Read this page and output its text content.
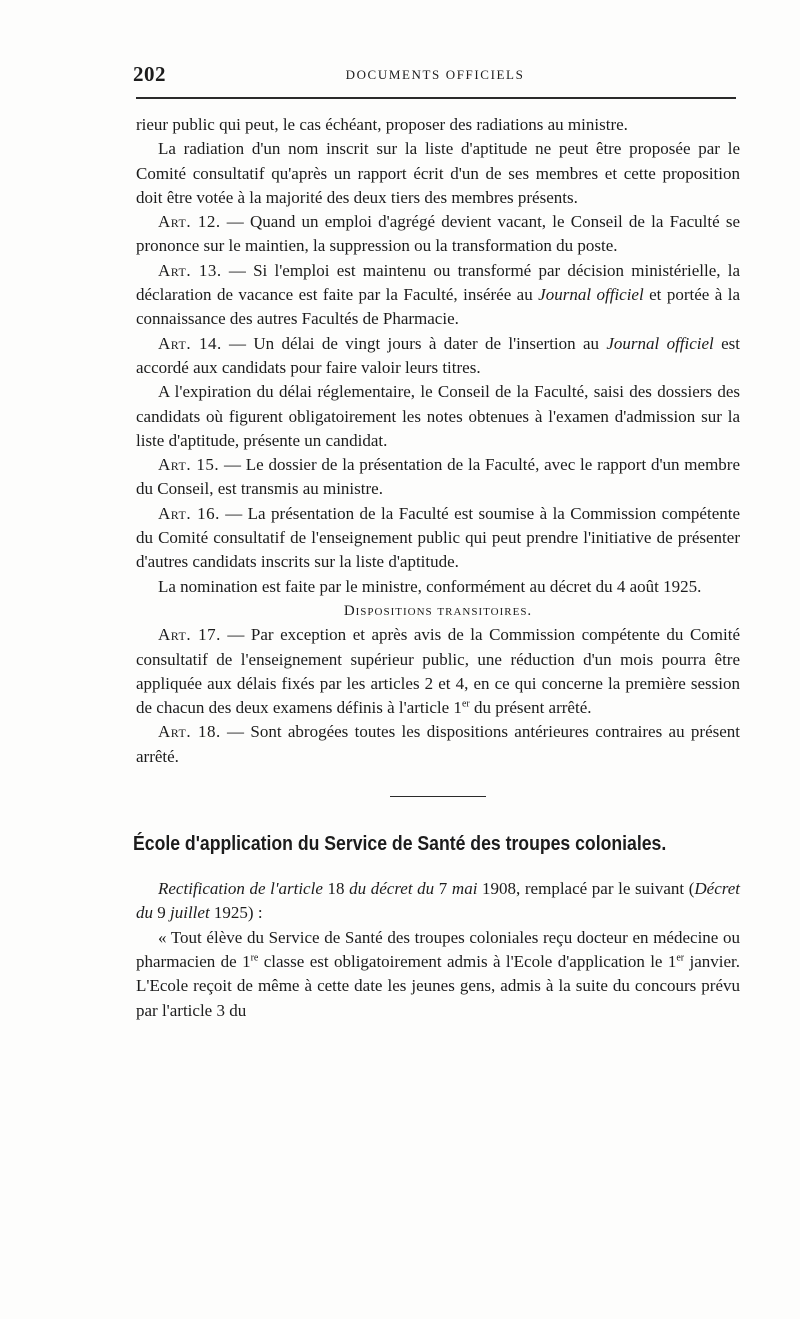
202	DOCUMENTS OFFICIELS

rieur public qui peut, le cas échéant, proposer des radiations au ministre.

La radiation d'un nom inscrit sur la liste d'aptitude ne peut être proposée par le Comité consultatif qu'après un rapport écrit d'un de ses membres et cette proposition doit être votée à la majorité des deux tiers des membres présents.

Art. 12. — Quand un emploi d'agrégé devient vacant, le Conseil de la Faculté se prononce sur le maintien, la suppression ou la transformation du poste.

Art. 13. — Si l'emploi est maintenu ou transformé par décision ministérielle, la déclaration de vacance est faite par la Faculté, insérée au Journal officiel et portée à la connaissance des autres Facultés de Pharmacie.

Art. 14. — Un délai de vingt jours à dater de l'insertion au Journal officiel est accordé aux candidats pour faire valoir leurs titres.

A l'expiration du délai réglementaire, le Conseil de la Faculté, saisi des dossiers des candidats où figurent obligatoirement les notes obtenues à l'examen d'admission sur la liste d'aptitude, présente un candidat.

Art. 15. — Le dossier de la présentation de la Faculté, avec le rapport d'un membre du Conseil, est transmis au ministre.

Art. 16. — La présentation de la Faculté est soumise à la Commission compétente du Comité consultatif de l'enseignement public qui peut prendre l'initiative de présenter d'autres candidats inscrits sur la liste d'aptitude.

La nomination est faite par le ministre, conformément au décret du 4 août 1925.

Dispositions transitoires.

Art. 17. — Par exception et après avis de la Commission compétente du Comité consultatif de l'enseignement supérieur public, une réduction d'un mois pourra être appliquée aux délais fixés par les articles 2 et 4, en ce qui concerne la première session de chacun des deux examens définis à l'article 1er du présent arrêté.

Art. 18. — Sont abrogées toutes les dispositions antérieures contraires au présent arrêté.

École d'application du Service de Santé des troupes coloniales.

Rectification de l'article 18 du décret du 7 mai 1908, remplacé par le suivant (Décret du 9 juillet 1925) :

« Tout élève du Service de Santé des troupes coloniales reçu docteur en médecine ou pharmacien de 1re classe est obligatoirement admis à l'Ecole d'application le 1er janvier. L'Ecole reçoit de même à cette date les jeunes gens, admis à la suite du concours prévu par l'article 3 du
